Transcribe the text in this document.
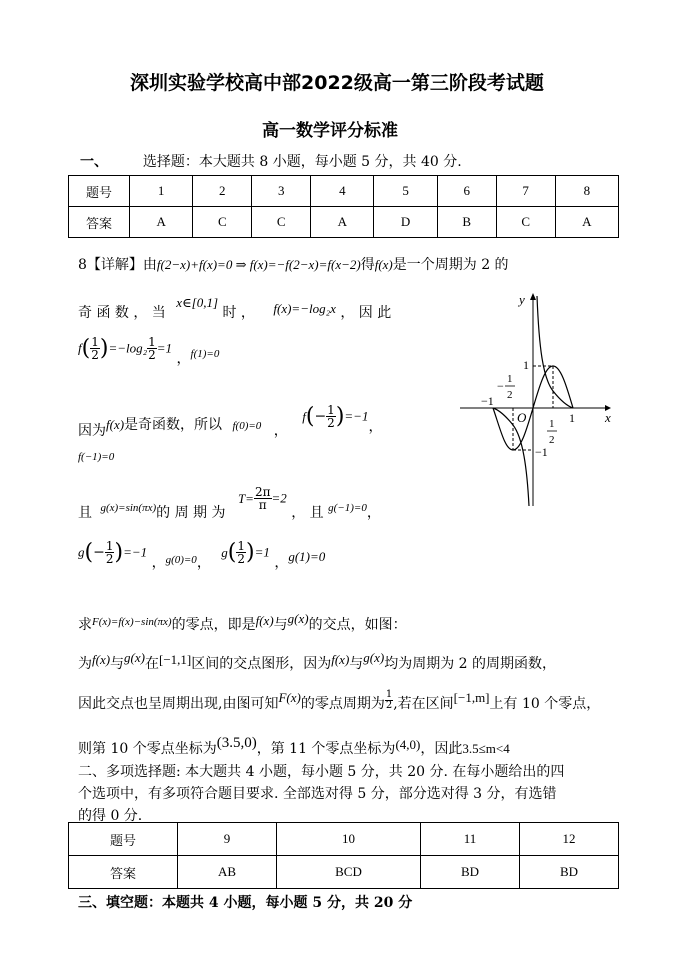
深圳实验学校高中部2022级高一第三阶段考试题
高一数学评分标准
一、 选择题：本大题共 8 小题，每小题 5 分，共 40 分.
题号	1	2	3	4	5	6	7	8
答案	A	C	C	A	D	B	C	A
8【详解】由f(2−x)+f(x)=0 ⇒ f(x)=−f(2−x)=f(x−2)得f(x)是一个周期为 2 的
奇 函 数 ， 当 x∈[0,1] 时 ， f(x)=−log₂x ， 因 此
$f( \frac{1}{2} )=-\log_2 \frac{1}{2} =1$ ，$_{f(1)=0}$
因为f(x)是奇函数，所以 $_{f(0)=0}$ ， $f(- \frac{1}{2} )=-1$，
f(−1)=0
且 $_{g(x)=sin(\pi x)}$的 周 期 为 $T= \frac{2\pi}{\pi} =2$ ， 且 $_{g(-1)=0}$，
$g(- \frac{1}{2} )=-1$ ，$_{g(0)=0}$， $g( \frac{1}{2} )=1$ ，g(1)=0
求$^{F(x)=f(x)-sin(\pi x)}$的零点，即是f(x)与g(x)的交点，如图：
为f(x)与g(x)在[−1,1]区间的交点图形，因为f(x)与g(x)均为周期为 2 的周期函数，
因此交点也呈周期出现,由图可知F(x)的零点周期为 $\frac{1}{2}$ ,若在区间[−1,m]上有 10 个零点，
则第 10 个零点坐标为(3.5,0)，第 11 个零点坐标为(4,0)，因此3.5≤m<4
二、多项选择题: 本大题共 4 小题，每小题 5 分，共 20 分. 在每小题给出的四
个选项中，有多项符合题目要求. 全部选对得 5 分，部分选对得 3 分，有选错
的得 0 分.
题号	9	10	11	12
答案	AB	BCD	BD	BD
三、填空题：本题共 4 小题，每小题 5 分，共 20 分
y
x
O
−1
1
− 1
2
1
2
1
−1
